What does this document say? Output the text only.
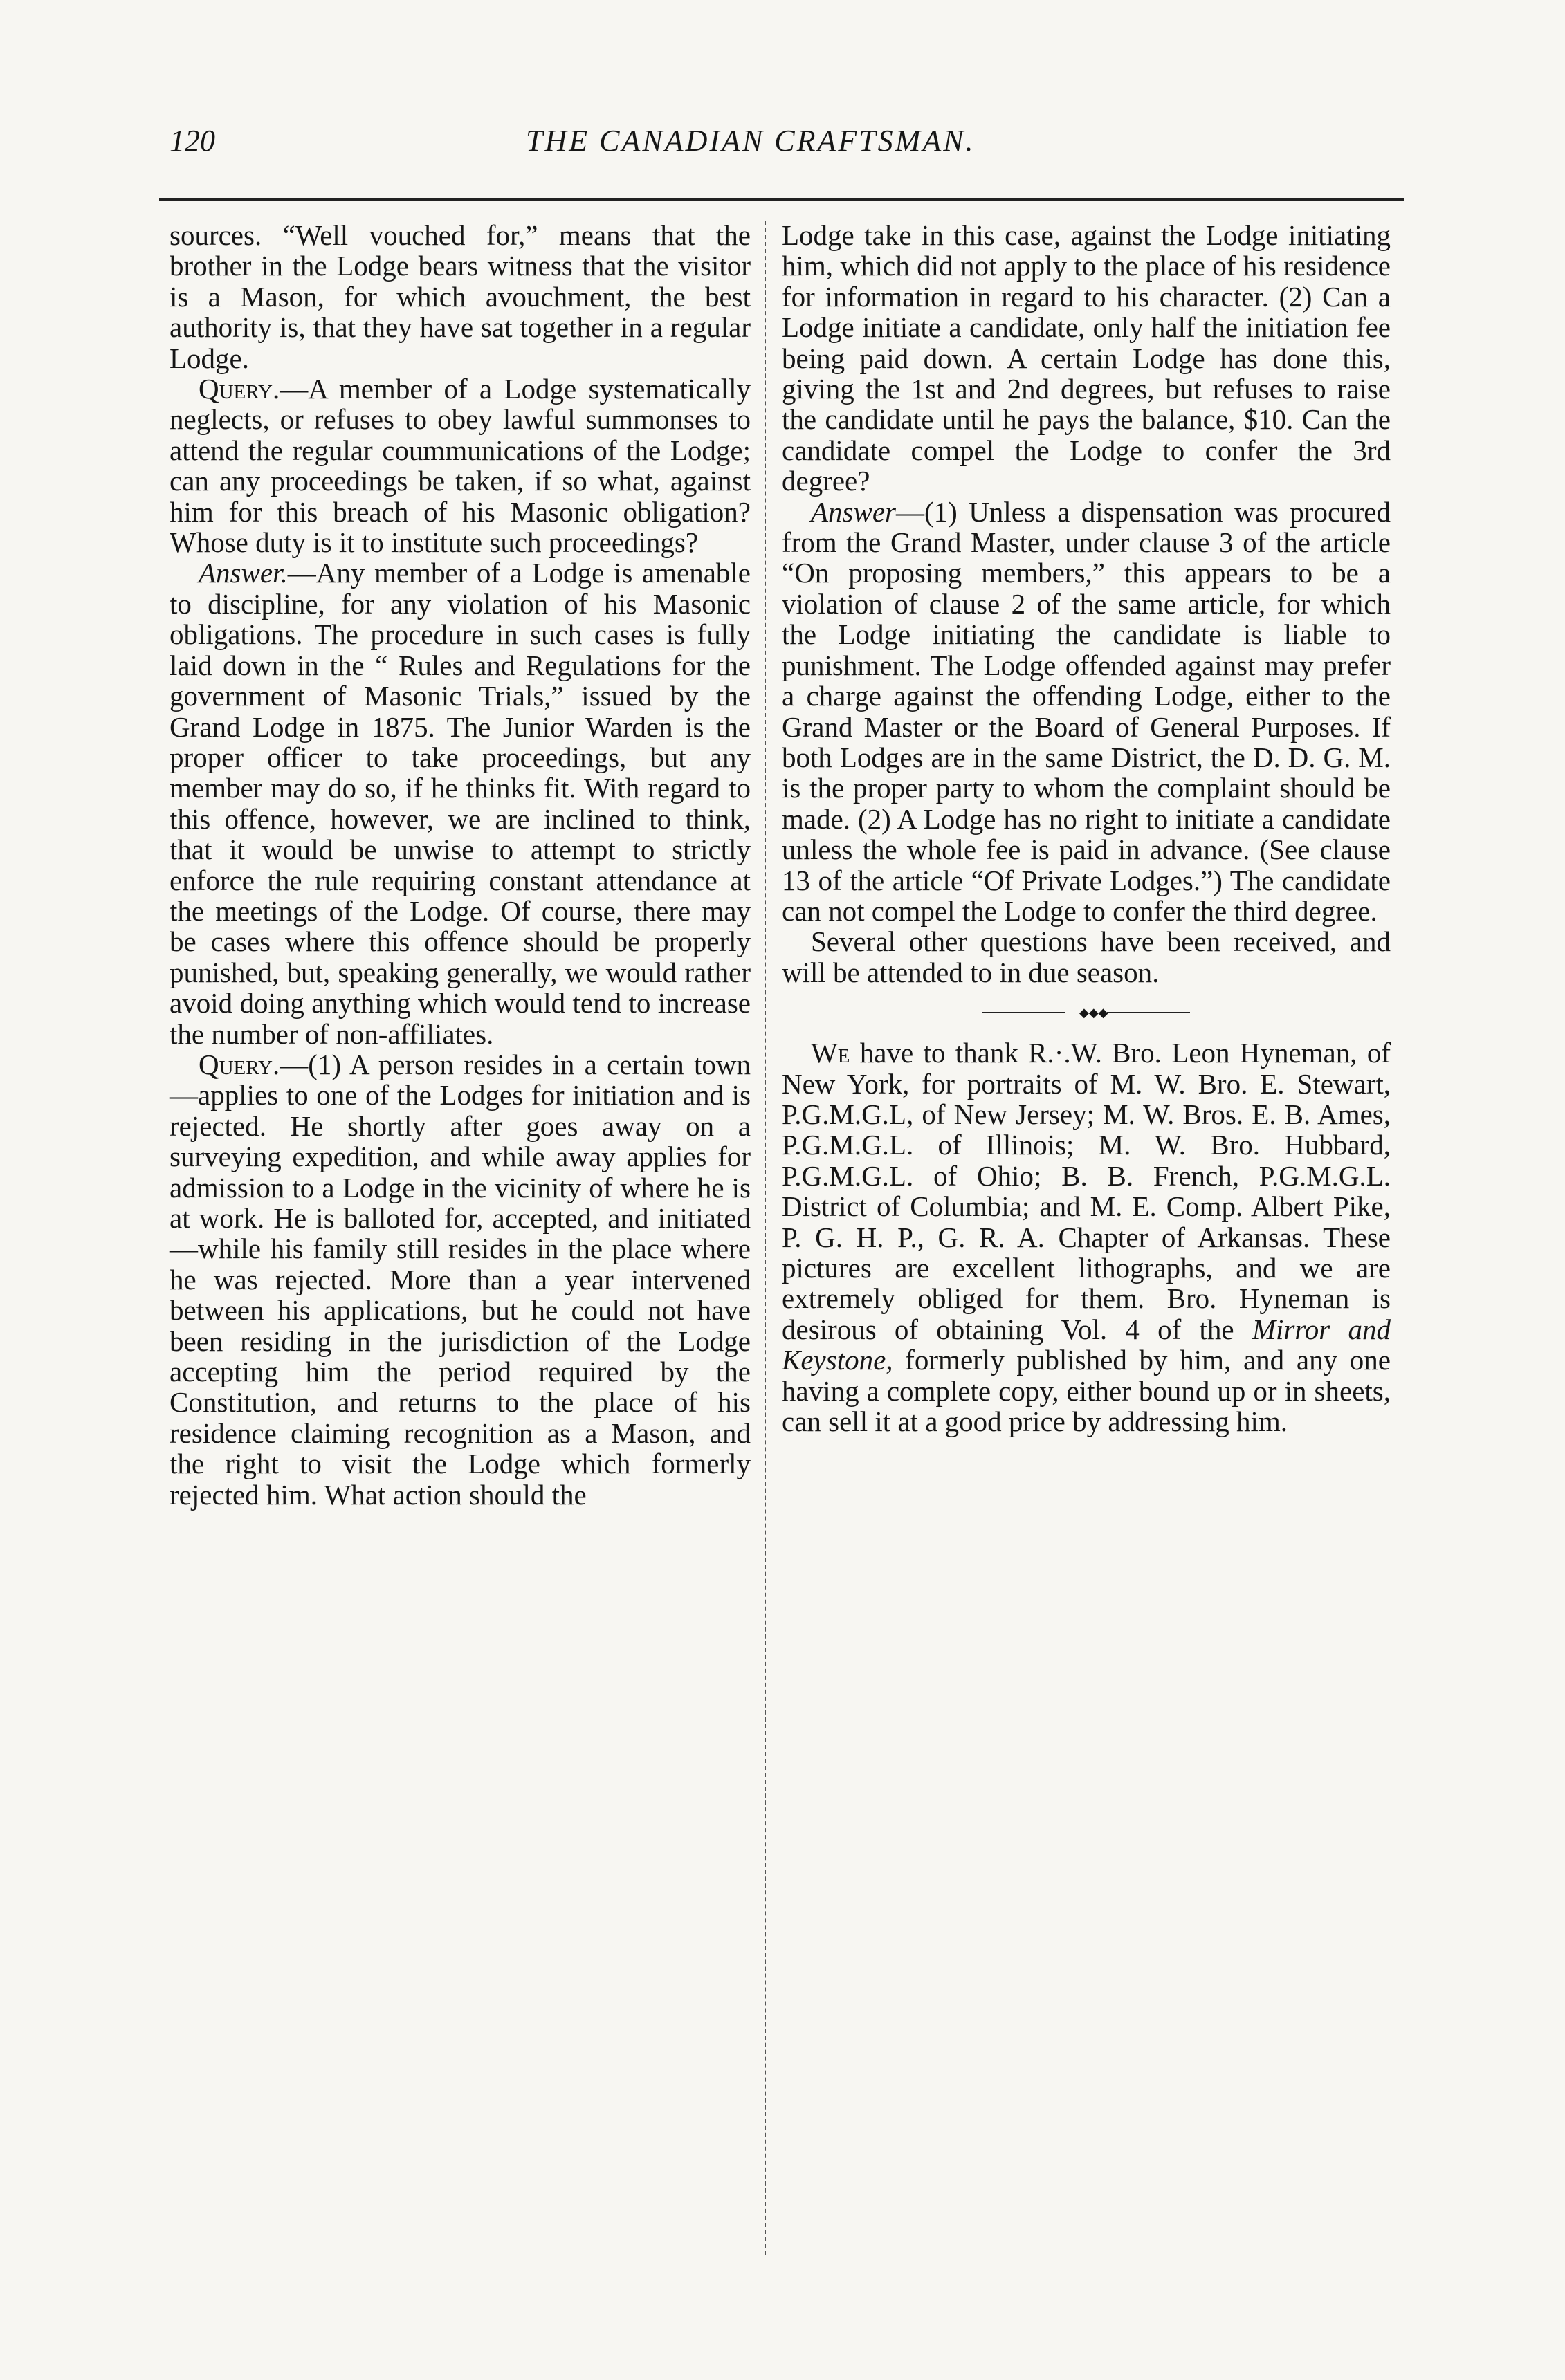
120	THE CANADIAN CRAFTSMAN.

sources. “Well vouched for,” means that the brother in the Lodge bears witness that the visitor is a Mason, for which avouchment, the best authority is, that they have sat together in a regular Lodge.

Query.—A member of a Lodge systematically neglects, or refuses to obey lawful summonses to attend the regular coummunications of the Lodge; can any proceedings be taken, if so what, against him for this breach of his Masonic obligation? Whose duty is it to institute such proceedings?

Answer.—Any member of a Lodge is amenable to discipline, for any violation of his Masonic obligations. The procedure in such cases is fully laid down in the “ Rules and Regulations for the government of Masonic Trials,” issued by the Grand Lodge in 1875. The Junior Warden is the proper officer to take proceedings, but any member may do so, if he thinks fit. With regard to this offence, however, we are inclined to think, that it would be unwise to attempt to strictly enforce the rule requiring constant attendance at the meetings of the Lodge. Of course, there may be cases where this offence should be properly punished, but, speaking generally, we would rather avoid doing anything which would tend to increase the number of non-affiliates.

Query.—(1) A person resides in a certain town—applies to one of the Lodges for initiation and is rejected. He shortly after goes away on a surveying expedition, and while away applies for admission to a Lodge in the vicinity of where he is at work. He is balloted for, accepted, and initiated—while his family still resides in the place where he was rejected. More than a year intervened between his applications, but he could not have been residing in the jurisdiction of the Lodge accepting him the period required by the Constitution, and returns to the place of his residence claiming recognition as a Mason, and the right to visit the Lodge which formerly rejected him. What action should the

Lodge take in this case, against the Lodge initiating him, which did not apply to the place of his residence for information in regard to his character. (2) Can a Lodge initiate a candidate, only half the initiation fee being paid down. A certain Lodge has done this, giving the 1st and 2nd degrees, but refuses to raise the candidate until he pays the balance, $10. Can the candidate compel the Lodge to confer the 3rd degree?

Answer—(1) Unless a dispensation was procured from the Grand Master, under clause 3 of the article “On proposing members,” this appears to be a violation of clause 2 of the same article, for which the Lodge initiating the candidate is liable to punishment. The Lodge offended against may prefer a charge against the offending Lodge, either to the Grand Master or the Board of General Purposes. If both Lodges are in the same District, the D. D. G. M. is the proper party to whom the complaint should be made. (2) A Lodge has no right to initiate a candidate unless the whole fee is paid in advance. (See clause 13 of the article “Of Private Lodges.”) The candidate can not compel the Lodge to confer the third degree.

Several other questions have been received, and will be attended to in due season.

◆◆◆

We have to thank R.·.W. Bro. Leon Hyneman, of New York, for portraits of M. W. Bro. E. Stewart, P.G.M.G.L, of New Jersey; M. W. Bros. E. B. Ames, P.G.M.G.L. of Illinois; M. W. Bro. Hubbard, P.G.M.G.L. of Ohio; B. B. French, P.G.M.G.L. District of Columbia; and M. E. Comp. Albert Pike, P. G. H. P., G. R. A. Chapter of Arkansas. These pictures are excellent lithographs, and we are extremely obliged for them. Bro. Hyneman is desirous of obtaining Vol. 4 of the Mirror and Keystone, formerly published by him, and any one having a complete copy, either bound up or in sheets, can sell it at a good price by addressing him.
